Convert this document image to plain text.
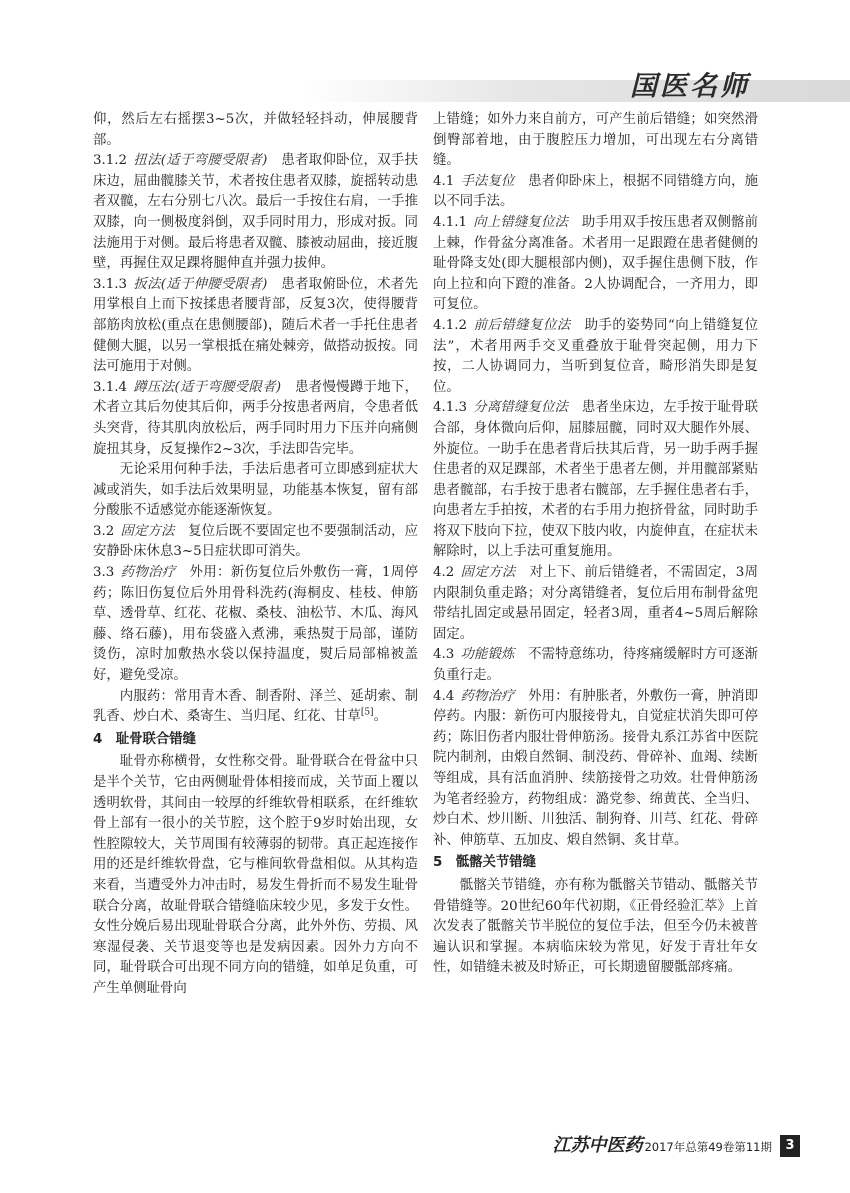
国医名师

仰，然后左右摇摆3~5次，并做轻轻抖动，伸展腰背部。

3.1.2 扭法(适于弯腰受限者)　 患者取仰卧位，双手扶床边，屈曲髋膝关节，术者按住患者双膝，旋摇转动患者双髋，左右分别七八次。最后一手按住右肩，一手推双膝，向一侧极度斜倒，双手同时用力，形成对扳。同法施用于对侧。最后将患者双髋、膝被动屈曲，接近腹壁，再握住双足踝将腿伸直并强力拔伸。

3.1.3 扳法(适于伸腰受限者)　 患者取俯卧位，术者先用掌根自上而下按揉患者腰背部，反复3次，使得腰背部筋肉放松(重点在患侧腰部)，随后术者一手托住患者健侧大腿，以另一掌根抵在痛处棘旁，做搭动扳按。同法可施用于对侧。

3.1.4 蹲压法(适于弯腰受限者)　 患者慢慢蹲于地下，术者立其后勿使其后仰，两手分按患者两肩，令患者低头突背，待其肌肉放松后，两手同时用力下压并向痛侧旋扭其身，反复操作2~3次，手法即告完毕。

无论采用何种手法，手法后患者可立即感到症状大减或消失，如手法后效果明显，功能基本恢复，留有部分酸胀不适感觉亦能逐渐恢复。

3.2 固定方法　 复位后既不要固定也不要强制活动，应安静卧床休息3~5日症状即可消失。

3.3 药物治疗　 外用：新伤复位后外敷伤一膏，1周停药；陈旧伤复位后外用骨科洗药(海桐皮、桂枝、伸筋草、透骨草、红花、花椒、桑枝、油松节、木瓜、海风藤、络石藤)，用布袋盛入煮沸，乘热熨于局部，谨防烫伤，凉时加敷热水袋以保持温度，熨后局部棉被盖好，避免受凉。

内服药：常用青木香、制香附、泽兰、延胡索、制乳香、炒白术、桑寄生、当归尾、红花、甘草[5]。

4　耻骨联合错缝

耻骨亦称横骨，女性称交骨。耻骨联合在骨盆中只是半个关节，它由两侧耻骨体相接而成，关节面上覆以透明软骨，其间由一较厚的纤维软骨相联系，在纤维软骨上部有一很小的关节腔，这个腔于9岁时始出现，女性腔隙较大，关节周围有较薄弱的韧带。真正起连接作用的还是纤维软骨盘，它与椎间软骨盘相似。从其构造来看，当遭受外力冲击时，易发生骨折而不易发生耻骨联合分离，故耻骨联合错缝临床较少见，多发于女性。女性分娩后易出现耻骨联合分离，此外外伤、劳损、风寒湿侵袭、关节退变等也是发病因素。因外力方向不同，耻骨联合可出现不同方向的错缝，如单足负重，可产生单侧耻骨向

上错缝；如外力来自前方，可产生前后错缝；如突然滑倒臀部着地，由于腹腔压力增加，可出现左右分离错缝。

4.1 手法复位　 患者仰卧床上，根据不同错缝方向，施以不同手法。

4.1.1 向上错缝复位法　 助手用双手按压患者双侧髂前上棘，作骨盆分离准备。术者用一足跟蹬在患者健侧的耻骨降支处(即大腿根部内侧)，双手握住患侧下肢，作向上拉和向下蹬的准备。2人协调配合，一齐用力，即可复位。

4.1.2 前后错缝复位法　 助手的姿势同“向上错缝复位法”，术者用两手交叉重叠放于耻骨突起侧，用力下按，二人协调同力，当听到复位音，畸形消失即是复位。

4.1.3 分离错缝复位法　 患者坐床边，左手按于耻骨联合部，身体微向后仰，屈膝屈髋，同时双大腿作外展、外旋位。一助手在患者背后扶其后背，另一助手两手握住患者的双足踝部，术者坐于患者左侧，并用髋部紧贴患者髋部，右手按于患者右髋部，左手握住患者右手，向患者左手拍按，术者的右手用力抱挤骨盆，同时助手将双下肢向下拉，使双下肢内收，内旋伸直，在症状未解除时，以上手法可重复施用。

4.2 固定方法　 对上下、前后错缝者，不需固定，3周内限制负重走路；对分离错缝者，复位后用布制骨盆兜带结扎固定或悬吊固定，轻者3周，重者4~5周后解除固定。

4.3 功能锻炼　 不需特意练功，待疼痛缓解时方可逐渐负重行走。

4.4 药物治疗　 外用：有肿胀者，外敷伤一膏，肿消即停药。内服：新伤可内服接骨丸，自觉症状消失即可停药；陈旧伤者内服壮骨伸筋汤。接骨丸系江苏省中医院院内制剂，由煅自然铜、制没药、骨碎补、血竭、续断等组成，具有活血消肿、续筋接骨之功效。壮骨伸筋汤为笔者经验方，药物组成：潞党参、绵黄芪、全当归、炒白术、炒川断、川独活、制狗脊、川芎、红花、骨碎补、伸筋草、五加皮、煅自然铜、炙甘草。

5　骶髂关节错缝

骶髂关节错缝，亦有称为骶髂关节错动、骶髂关节骨错缝等。20世纪60年代初期，《正骨经验汇萃》上首次发表了骶髂关节半脱位的复位手法，但至今仍未被普遍认识和掌握。本病临床较为常见，好发于青壮年女性，如错缝未被及时矫正，可长期遗留腰骶部疼痛。

江苏中医药 2017年总第49卷第11期	3
